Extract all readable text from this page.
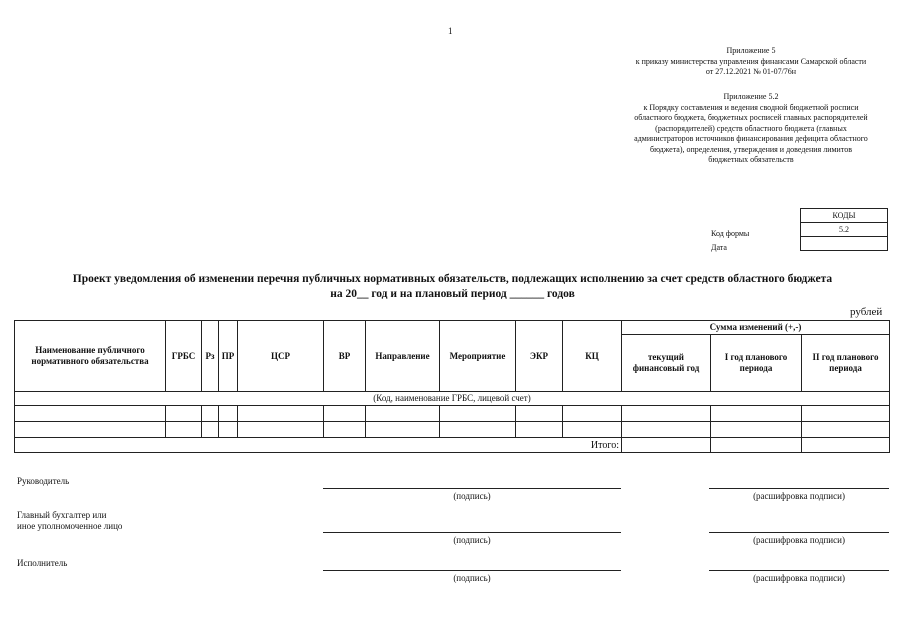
1
Приложение 5
к приказу министерства управления финансами Самарской области
от 27.12.2021 № 01-07/76н
Приложение 5.2
к Порядку составления и ведения сводной бюджетной росписи
областного бюджета, бюджетных росписей главных распорядителей
(распорядителей) средств областного бюджета (главных
администраторов источников финансирования дефицита областного
бюджета), определения, утверждения и доведения лимитов
бюджетных обязательств
КОДЫ
5.2

Код формы
Дата
Проект уведомления об изменении перечня публичных нормативных обязательств, подлежащих исполнению за счет средств областного бюджета
на 20__ год и на плановый период ______ годов
рублей
Наименование публичного нормативного обязательства	ГРБС	Рз	ПР	ЦСР	ВР	Направление	Мероприятие	ЭКР	КЦ	Сумма изменений (+,-)		
										текущий финансовый год	I год планового периода	II год планового периода
(Код, наименование ГРБС, лицевой счет)												

Итого:												
Руководитель
(подпись)	(расшифровка подписи)
Главный бухгалтер или
иное уполномоченное лицо
(подпись)	(расшифровка подписи)
Исполнитель
(подпись)	(расшифровка подписи)
